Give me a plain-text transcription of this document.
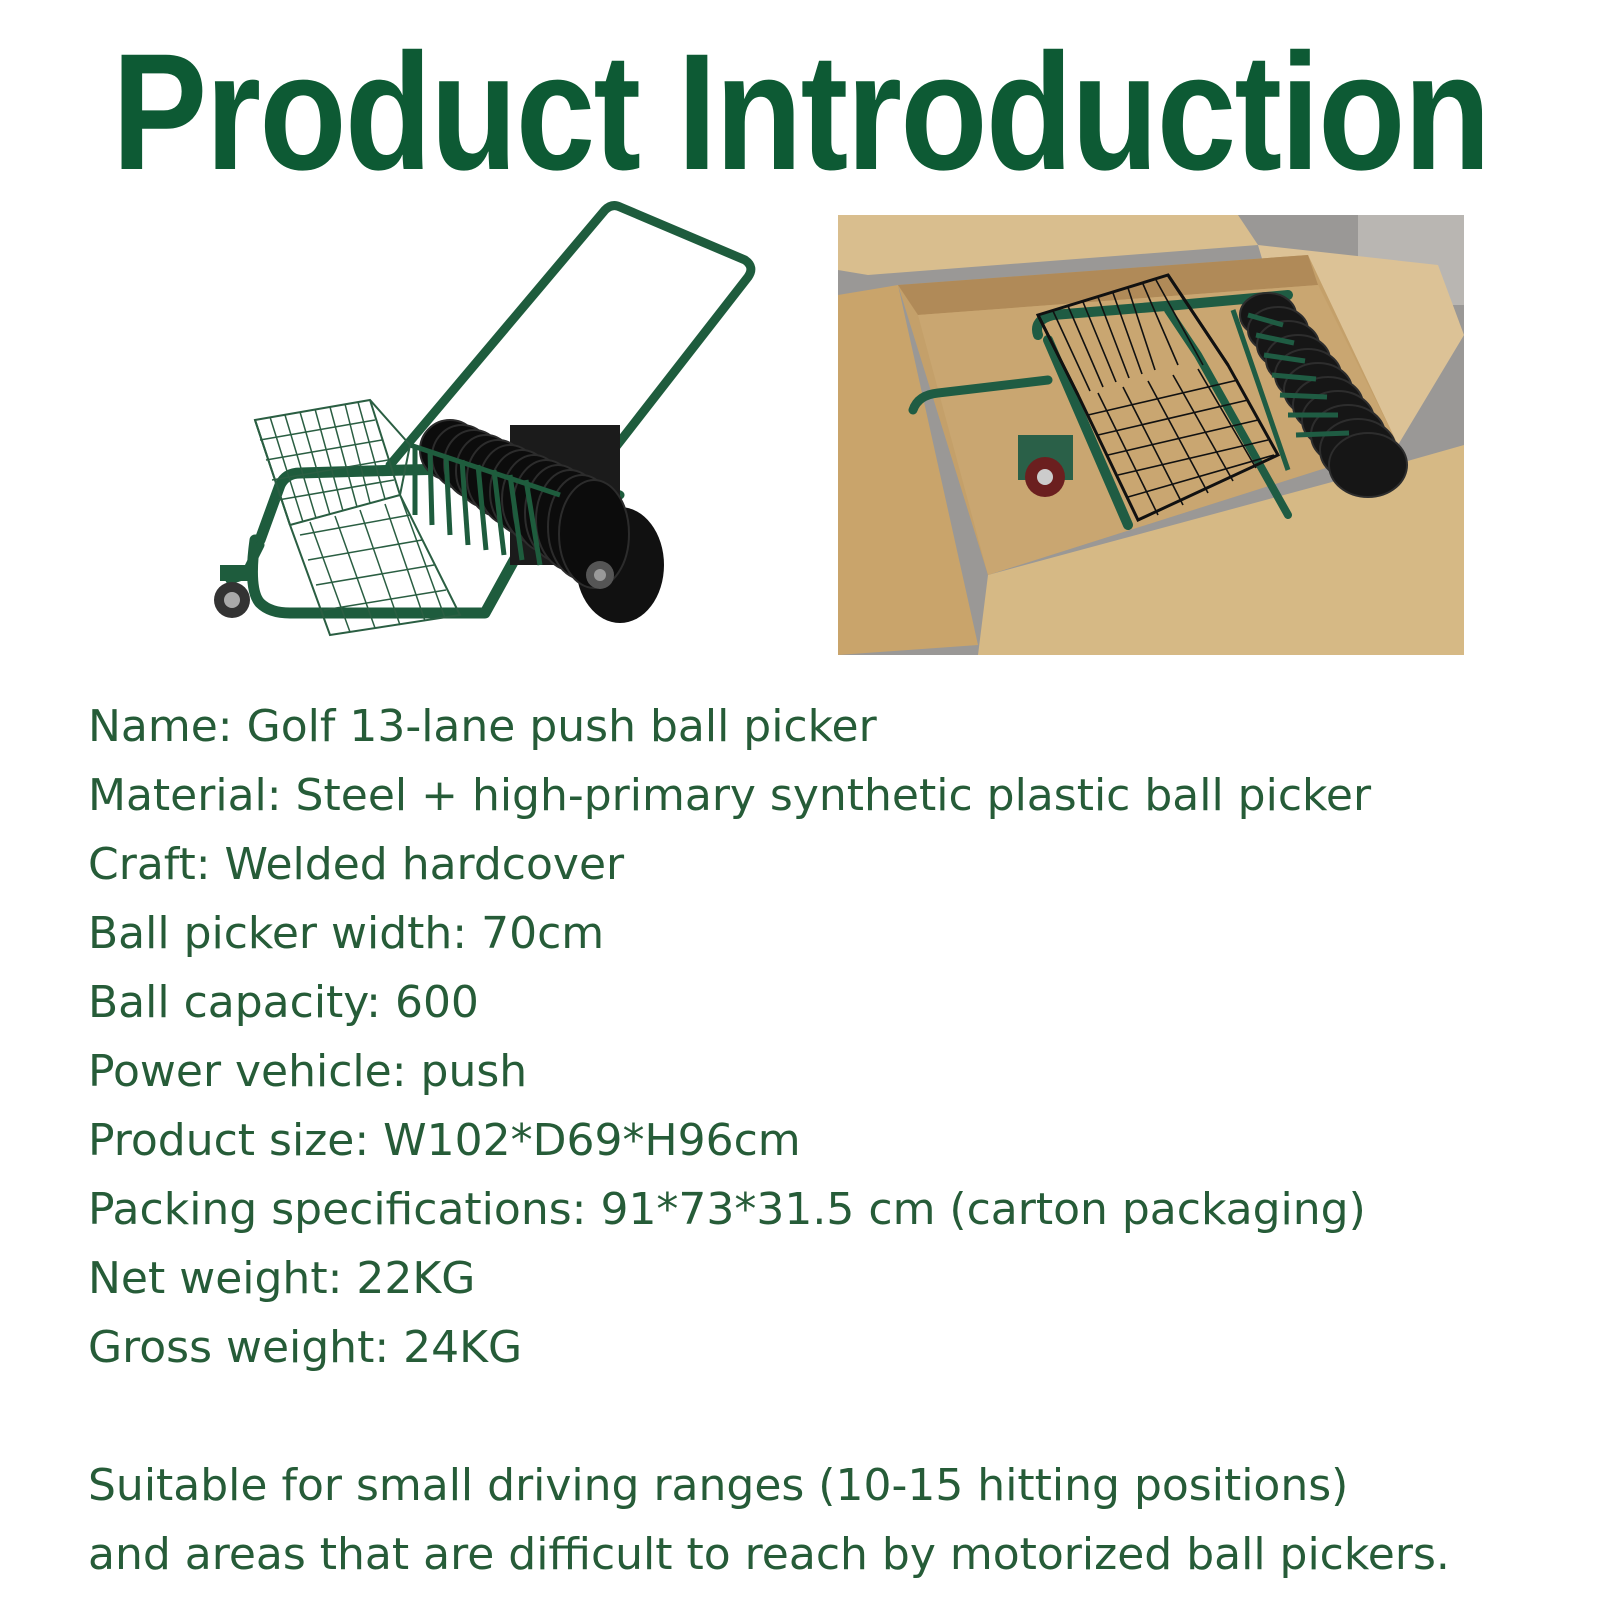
Product Introduction
Name: Golf 13-lane push ball picker
Material: Steel + high-primary synthetic plastic ball picker
Craft: Welded hardcover
Ball picker width: 70cm
Ball capacity: 600
Power vehicle: push
Product size: W102*D69*H96cm
Packing specifications: 91*73*31.5 cm (carton packaging)
Net weight: 22KG
Gross weight: 24KG
Suitable for small driving ranges (10-15 hitting positions)
and areas that are difficult to reach by motorized ball pickers.
